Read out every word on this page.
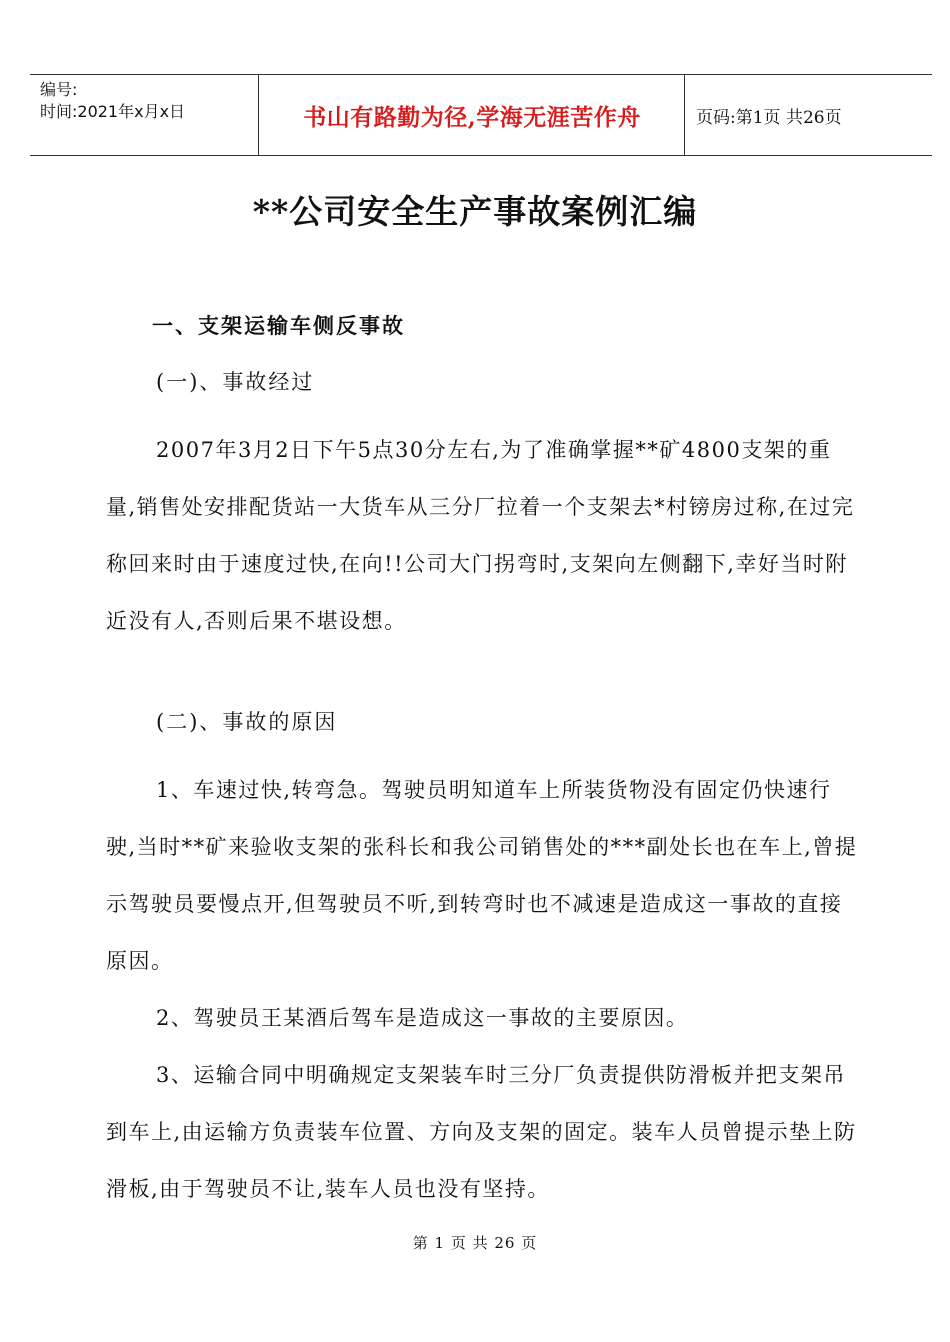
编号:
时间:2021年x月x日	书山有路勤为径,学海无涯苦作舟	页码:第1页 共26页
**公司安全生产事故案例汇编
一、支架运输车侧反事故
(一)、事故经过
2007年3月2日下午5点30分左右,为了准确掌握**矿4800支架的重量,销售处安排配货站一大货车从三分厂拉着一个支架去*村镑房过称,在过完称回来时由于速度过快,在向!!公司大门拐弯时,支架向左侧翻下,幸好当时附近没有人,否则后果不堪设想。
(二)、事故的原因
1、车速过快,转弯急。驾驶员明知道车上所装货物没有固定仍快速行驶,当时**矿来验收支架的张科长和我公司销售处的***副处长也在车上,曾提示驾驶员要慢点开,但驾驶员不听,到转弯时也不减速是造成这一事故的直接原因。
2、驾驶员王某酒后驾车是造成这一事故的主要原因。
3、运输合同中明确规定支架装车时三分厂负责提供防滑板并把支架吊到车上,由运输方负责装车位置、方向及支架的固定。装车人员曾提示垫上防滑板,由于驾驶员不让,装车人员也没有坚持。
第 1 页 共 26 页
